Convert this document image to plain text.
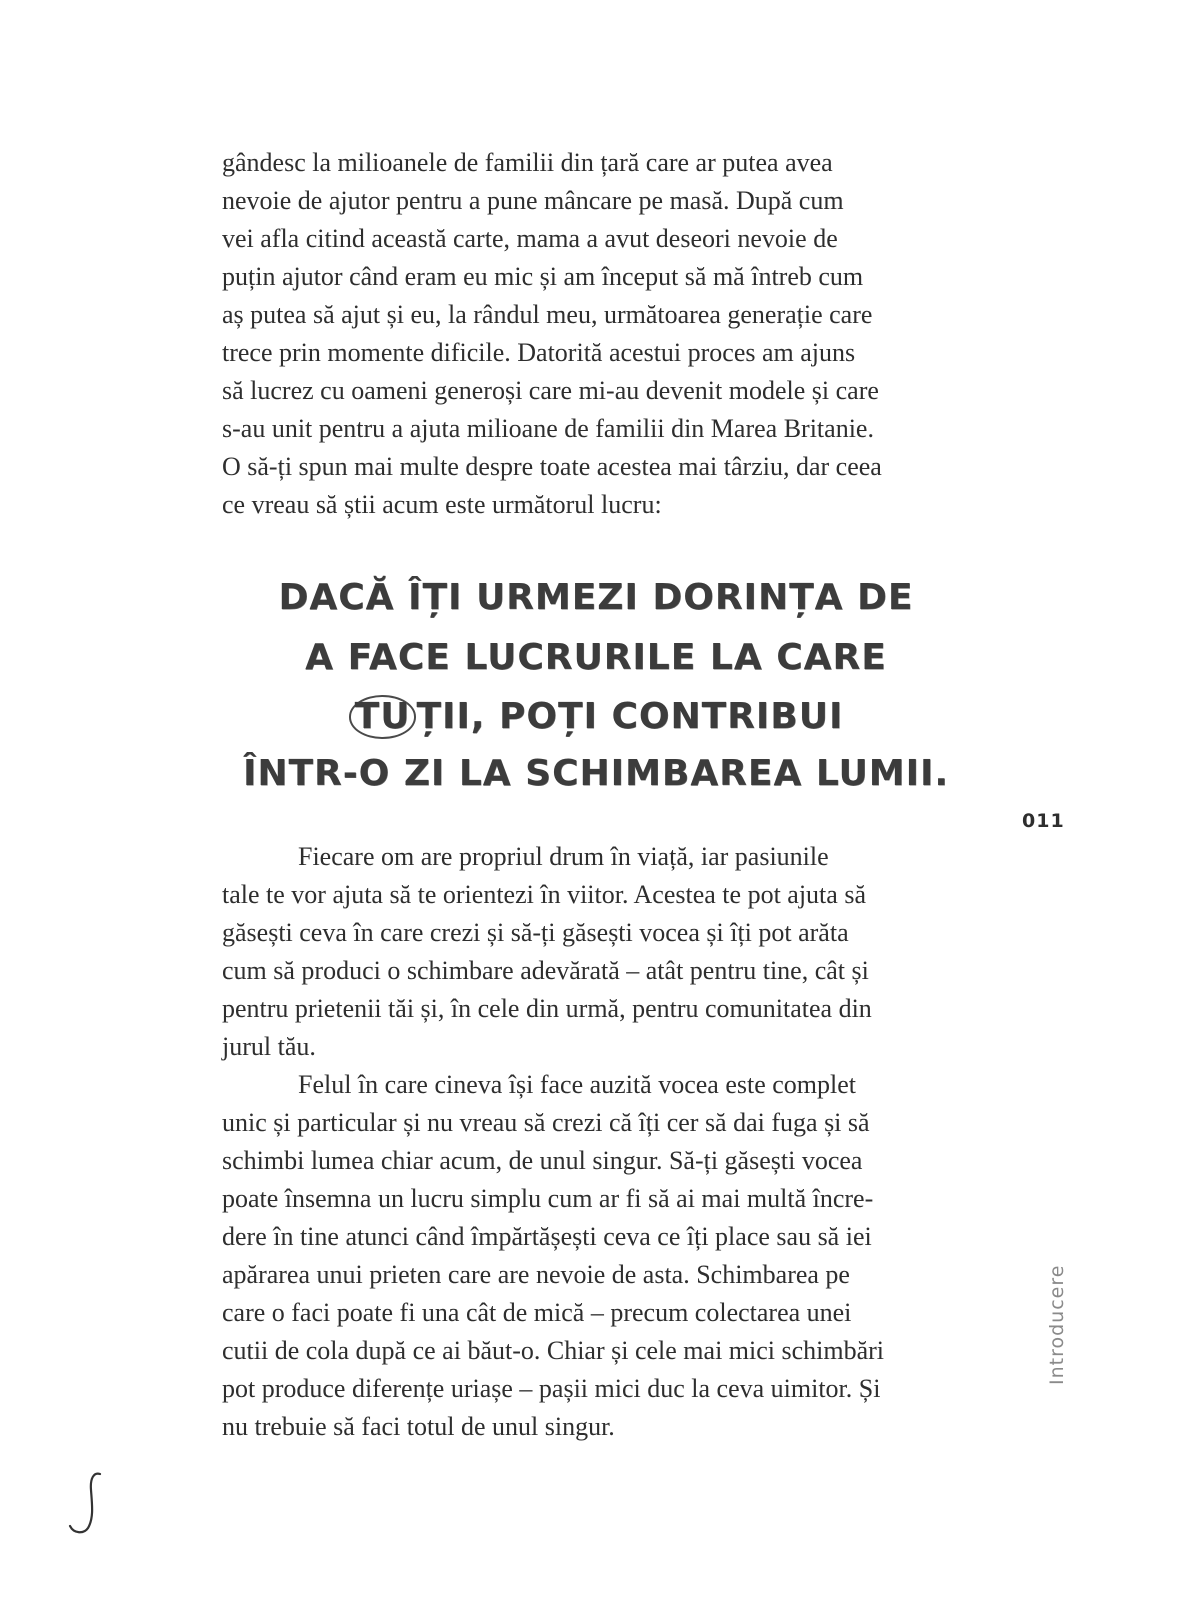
gândesc la milioanele de familii din țară care ar putea avea
nevoie de ajutor pentru a pune mâncare pe masă. După cum
vei afla citind această carte, mama a avut deseori nevoie de
puțin ajutor când eram eu mic și am început să mă întreb cum
aș putea să ajut și eu, la rândul meu, următoarea generație care
trece prin momente dificile. Datorită acestui proces am ajuns
să lucrez cu oameni generoși care mi-au devenit modele și care
s-au unit pentru a ajuta milioane de familii din Marea Britanie.
O să-ți spun mai multe despre toate acestea mai târziu, dar ceea
ce vreau să știi acum este următorul lucru:
DACĂ ÎȚI URMEZI DORINȚA DE
A FACE LUCRURILE LA CARE
TU ȚII, POȚI CONTRIBUI
ÎNTR-O ZI LA SCHIMBAREA LUMII.
011
Fiecare om are propriul drum în viață, iar pasiunile
tale te vor ajuta să te orientezi în viitor. Acestea te pot ajuta să
găsești ceva în care crezi și să-ți găsești vocea și îți pot arăta
cum să produci o schimbare adevărată – atât pentru tine, cât și
pentru prietenii tăi și, în cele din urmă, pentru comunitatea din
jurul tău.
Felul în care cineva își face auzită vocea este complet
unic și particular și nu vreau să crezi că îți cer să dai fuga și să
schimbi lumea chiar acum, de unul singur. Să-ți găsești vocea
poate însemna un lucru simplu cum ar fi să ai mai multă încre-
dere în tine atunci când împărtășești ceva ce îți place sau să iei
apărarea unui prieten care are nevoie de asta. Schimbarea pe
care o faci poate fi una cât de mică – precum colectarea unei
cutii de cola după ce ai băut-o. Chiar și cele mai mici schimbări
pot produce diferențe uriașe – pașii mici duc la ceva uimitor. Și
nu trebuie să faci totul de unul singur.
Introducere
